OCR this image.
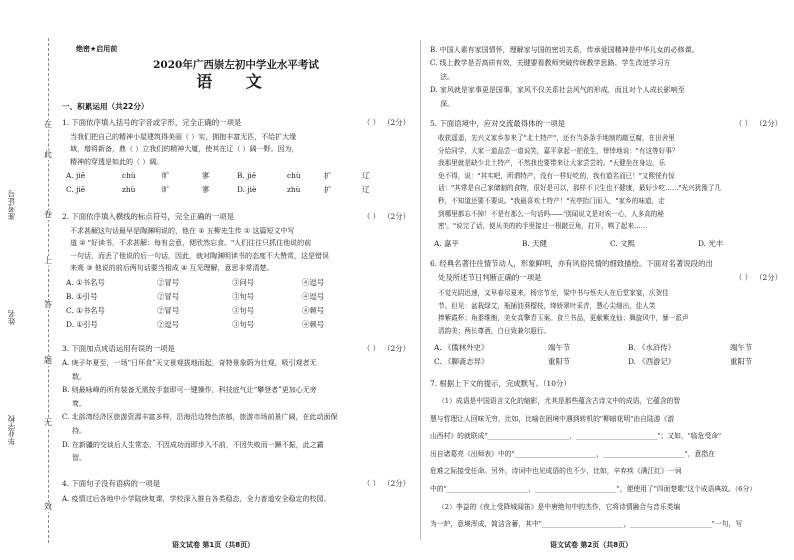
在
此
卷
上
答
题
无
效
准考证号
姓名
毕业学校
绝密★启用前
2020年广西崇左初中学业水平考试
语 文
一、积累运用（共22分）
1. 下面依序填入括号的字音或字形，完全正确的一项是	（ ） （2分）

当我们把自己的精神小屋建筑得美丽（ ）实，拥抱丰富无匹，不给扩大缘

域，增将新备，鼎（ ）立我们的精神大厦，使其在辽（ ）阔一野。因为，

精神的穿透是如此的（ ）阔。

A. jiē	chù	旷	寥	B. jiē	chù	扩	辽
C. jiē	zhù	旷	寥	D. jiè	zhù	扩	辽
2. 下面依序填入横线的标点符号，完全正确的一项是	（ ） （2分）

不求甚解这句话最早是陶渊明说的，他在 ① 五柳先生传 ① 这篇短文中写

道 ② "好读书，不求甚解：每有会意，便欣然忘食。"人们往往只抓住他说的前

一句话，而丢了他说的后一句话，因此，就对陶渊明读书的态度不大赞赏，这是错误

来观 ③ 他说的前后两句话要当相成 ④ 互见理解，意思非常清楚。

A. ①书名号	②冒号	③问号	④逗号
B. ①引号	②冒号	③句号	④逗号
C. ①书名号	②冒号	③句号	④顿号
D. ①引号	②逗号	③句号	④顿号
3. 下面加点成语运用有误的一项是	（ ） （2分）

A. 庚子年夏至，一场“日环食”天文景观拔地而起，奇特景象蔚为壮观，吸引观者无

数。

B. 则最咏峰的所有装备无需按手套即可一键操作，科技底气让“攀登者”更加心无旁

骛。

C. 北部湾经济区旅游资源丰富多样，沿海沿边特色浓郁，旅游市场前景广阔，在此动面保

持。

D. 在新疆的交谈后人生常态，不因成功而即步入不前，不因失败而一蹶不振，此之霸

智。

4. 下面句子没有语病的一项是	（ ） （2分）

A. 疫情过后各地中小学陆续复课，学校深入推自各类稳态，全力普道安全稳定的校园。

语文试卷 第1页（共8页）

B. 中国人素有家国情怀，理解家与国的密切关系，传承爱国精神是中华儿女的必修课。

C. 线上教学是否高质有效，关键要看教师突破传统教学思路、学生改进学习方

法。

D. 家风就是家事更是国事，家风不仅关系社会风气的形成，而且对个人成长影响至

深。

5. 下面语境中，应对交流最得体的一项是	（ ） （2分）

收获遥遥，先兴义家乡参来了"北土特产"，还有当条条手地制的敲豆腐，在田舍里

分给同学，大家一道品尝一道说笑，嘉平拿起一把花生，悻悻地说："有这等好事？

我那里就是缺少北土特产，不然我也要带来让大家尝尝的。"天健坐在身边，乐

免不得，说："其实吧，所谓特产，没有一样好吃的，我有道名而已！"又熙恍有惊

话："其常是自己家储制的食物，很好是可以，那样不卫生也不健康，最好少吃……"光兴犹豫了几

秒，不知道还要不要说。"我最喜欢土特产！"光亭抬门而入，"家乡的味道，走

到哪里都忘不掉！不是有那么一句话吗——'别闻说文是对诶一心，人多高的秘

密'。"说完了话，便从美的的手里接过一根敲豆角，打开，鸭了起来……

A. 嘉平	B. 天健	C. 文熙	D. 光丰
6. 经典名著往往情节动人，形象鲜明，亦有风俗民情的细致描绘。下面对名著说段的出
处及所述节日判断正确的一项是	（ ） （2分）

不觉光阴迅速，又早春尽夏来，杨宗节至，梁中书与蔡夫人在后堂家宴，庆贺佳

节。但见：盆栽绿艾，瓶插油葵榴枝，绛娇翠叶采青，慧心尖细出，佳人笑

捧紫霞杯；角黍维衡，美女高擎青玉案。食兰书品，更献紫龙仙；舞旋风中，暴一派声

清韵美；两长尊酒，白日致兼尔遐行。

A. 《儒林外史》	端午节	B. 《水浒传》	端午节
C. 《聊斋志异》	重阳节	D. 《西游记》	重阳节
7. 根据上下文的提示，完成默写。（10分）

（1）成语是中国语言文化的缩影，尤其是那些蕴含古诗文中的成语，它蕴含的智

慧与哲理让人回味无穷，比如，比喻在困境中遇到转机的"柳暗花明"由自陆游《游

山西村》的就联成"________________________，________________________"；又如，"临危受命"

出自诸葛亮《出师表》中的"________________________，________________________"，意指在

危难之际接受任命。另外，诗词中也见成语的也不少，比如，辛弃疾《满江红》一词

中的"________________________，________________________"，便使用了"四面楚歌"这个成语典故。（6分）

（2）李益的《夜上受降城闻笛》是中唐绝句中的杰作，它将诗情融合与音乐类编

为一炉，意境浑成，简洁含蓄，其中"________________________，________________________"一句，写

语文试卷 第2页（共8页）
